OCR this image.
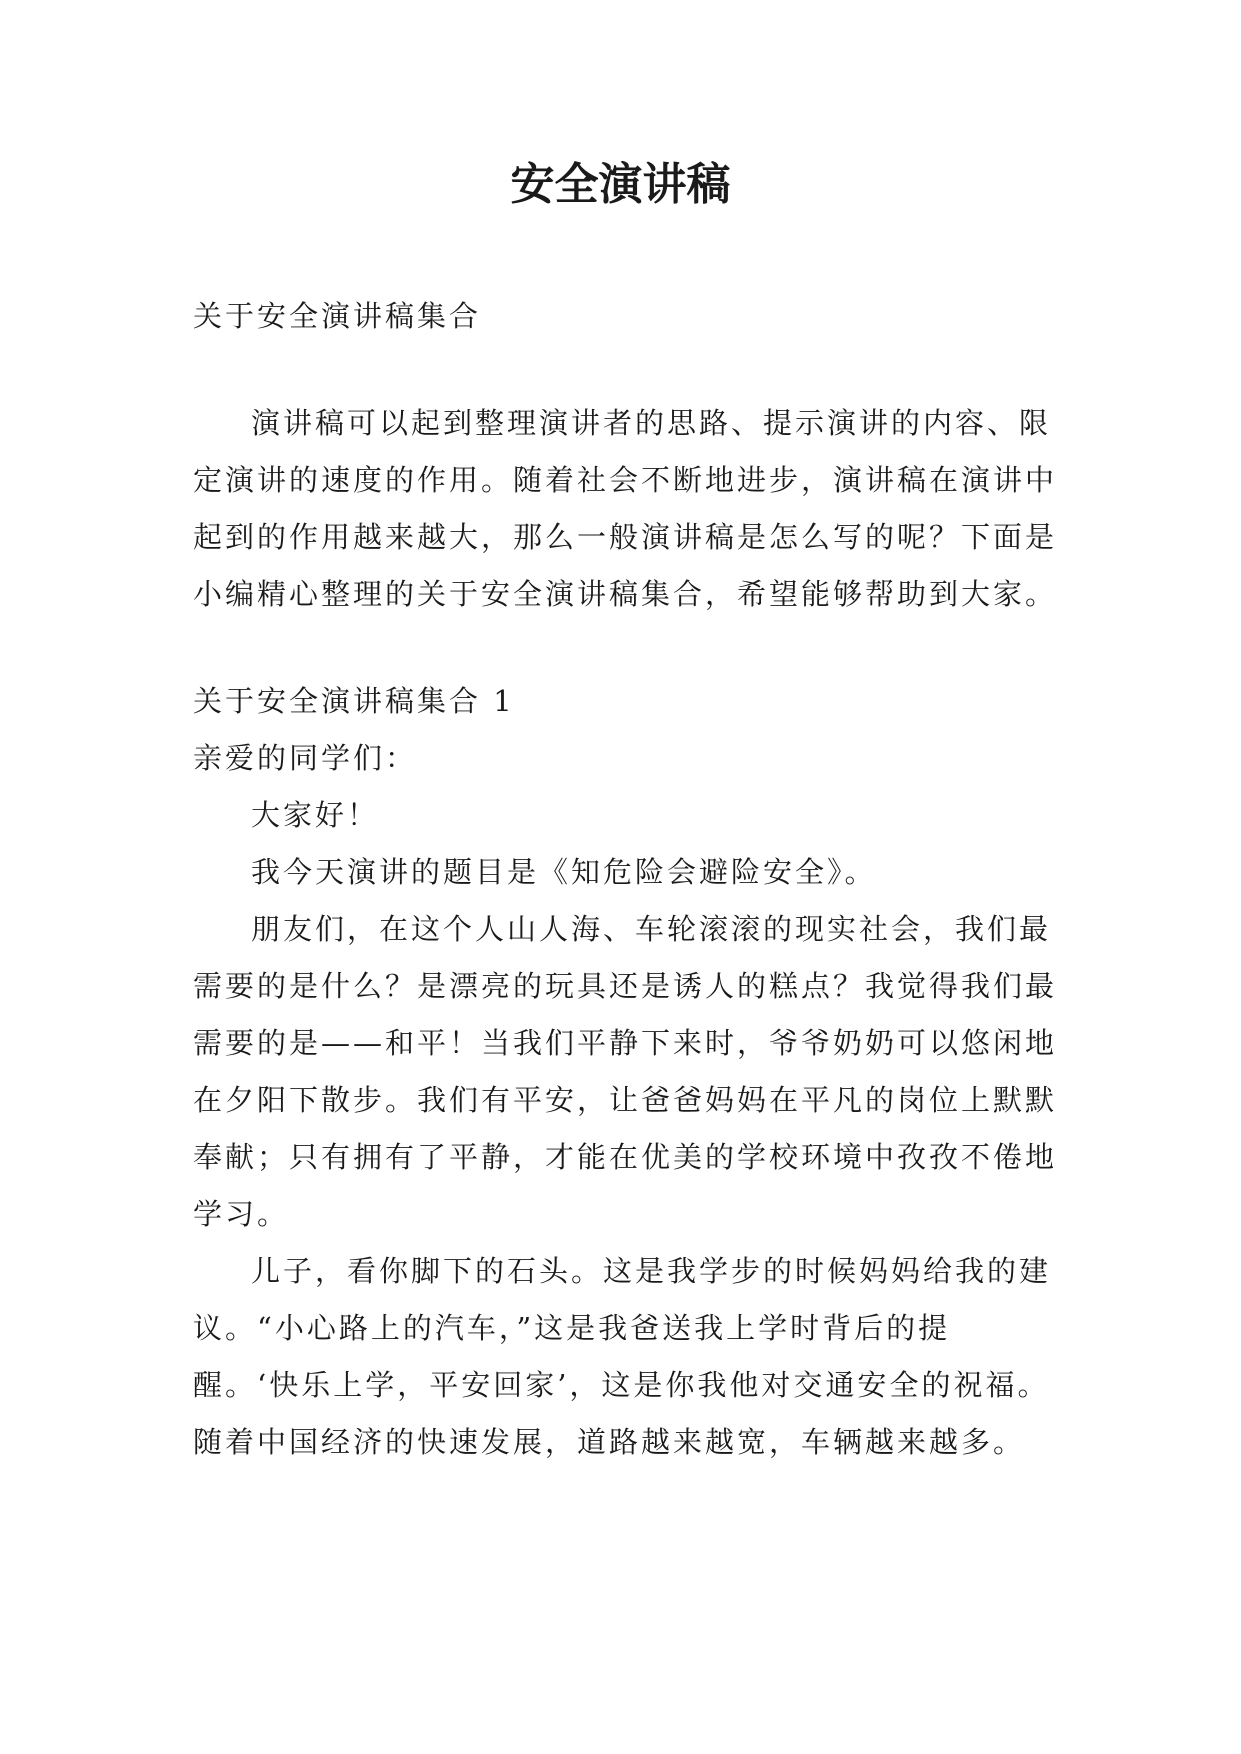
安全演讲稿

关于安全演讲稿集合

演讲稿可以起到整理演讲者的思路、提示演讲的内容、限定演讲的速度的作用。随着社会不断地进步，演讲稿在演讲中起到的作用越来越大，那么一般演讲稿是怎么写的呢？下面是小编精心整理的关于安全演讲稿集合，希望能够帮助到大家。

关于安全演讲稿集合 1

亲爱的同学们：

大家好！

我今天演讲的题目是《知危险会避险安全》。

朋友们，在这个人山人海、车轮滚滚的现实社会，我们最需要的是什么？是漂亮的玩具还是诱人的糕点？我觉得我们最需要的是——和平！当我们平静下来时，爷爷奶奶可以悠闲地在夕阳下散步。我们有平安，让爸爸妈妈在平凡的岗位上默默奉献；只有拥有了平静，才能在优美的学校环境中孜孜不倦地学习。

儿子，看你脚下的石头。这是我学步的时候妈妈给我的建议。“小心路上的汽车，”这是我爸送我上学时背后的提醒。‘快乐上学，平安回家’，这是你我他对交通安全的祝福。随着中国经济的快速发展，道路越来越宽，车辆越来越多。
